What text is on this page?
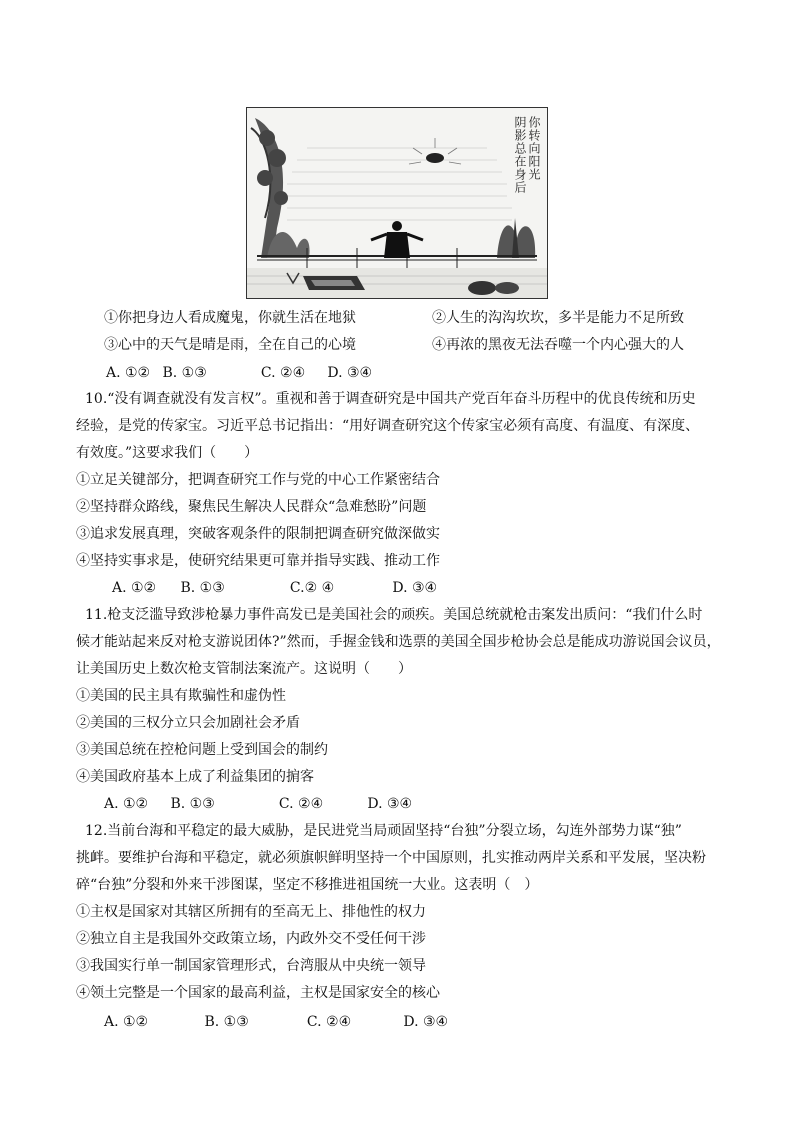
你转向阳光
阴影总在身后
①你把身边人看成魔鬼，你就生活在地狱	②人生的沟沟坎坎，多半是能力不足所致
③心中的天气是晴是雨，全在自己的心境	④再浓的黑夜无法吞噬一个内心强大的人
A. ①② B. ①③	C. ②④ D. ③④
10.“没有调查就没有发言权”。重视和善于调查研究是中国共产党百年奋斗历程中的优良传统和历史
经验，是党的传家宝。习近平总书记指出：“用好调查研究这个传家宝必须有高度、有温度、有深度、
有效度。”这要求我们（　　）
①立足关键部分，把调查研究工作与党的中心工作紧密结合
②坚持群众路线，聚焦民生解决人民群众“急难愁盼”问题
③追求发展真理，突破客观条件的限制把调查研究做深做实
④坚持实事求是，使研究结果更可靠并指导实践、推动工作
A. ①② B. ①③	C.② ④	D. ③④
11.枪支泛滥导致涉枪暴力事件高发已是美国社会的顽疾。美国总统就枪击案发出质问：“我们什么时
候才能站起来反对枪支游说团体?”然而，手握金钱和选票的美国全国步枪协会总是能成功游说国会议员，
让美国历史上数次枪支管制法案流产。这说明（　　）
①美国的民主具有欺骗性和虚伪性
②美国的三权分立只会加剧社会矛盾
③美国总统在控枪问题上受到国会的制约
④美国政府基本上成了利益集团的掮客
A. ①② B. ①③	C. ②④	D. ③④
12.当前台海和平稳定的最大威胁，是民进党当局顽固坚持“台独”分裂立场，勾连外部势力谋“独”
挑衅。要维护台海和平稳定，就必须旗帜鲜明坚持一个中国原则，扎实推动两岸关系和平发展，坚决粉
碎“台独”分裂和外来干涉图谋，坚定不移推进祖国统一大业。这表明（　）
①主权是国家对其辖区所拥有的至高无上、排他性的权力
②独立自主是我国外交政策立场，内政外交不受任何干涉
③我国实行单一制国家管理形式，台湾服从中央统一领导
④领土完整是一个国家的最高利益，主权是国家安全的核心
A. ①②	B. ①③	C. ②④	D. ③④
